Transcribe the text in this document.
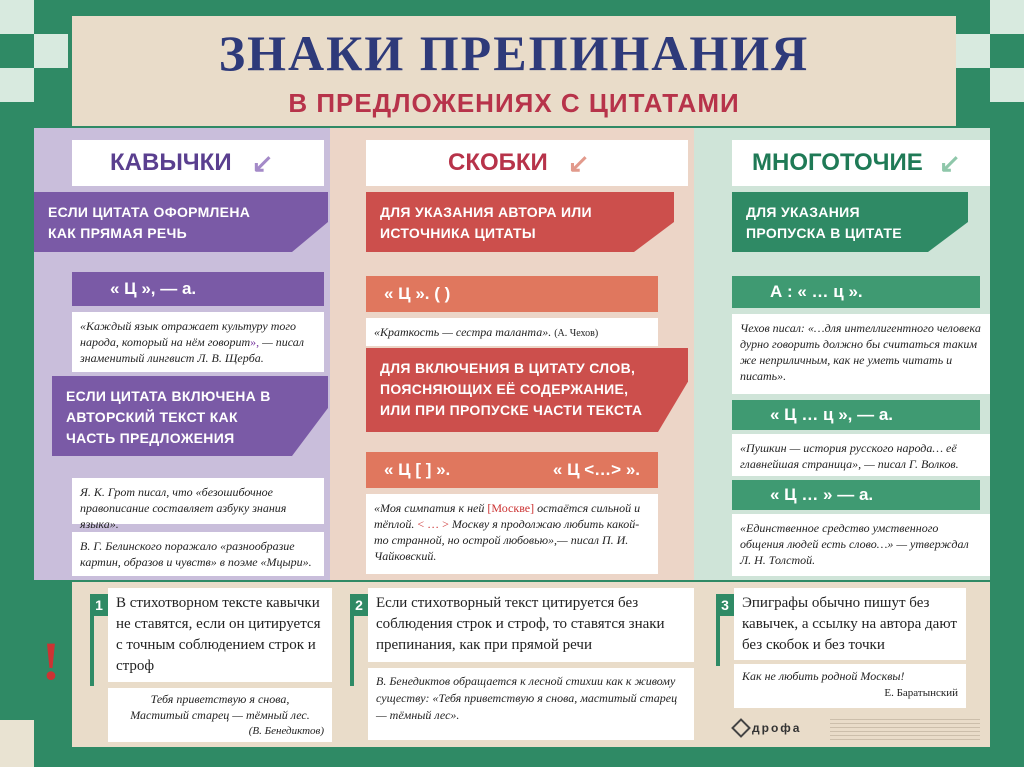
ЗНАКИ ПРЕПИНАНИЯ
В ПРЕДЛОЖЕНИЯХ С ЦИТАТАМИ
КАВЫЧКИ ↙
ЕСЛИ ЦИТАТА ОФОРМЛЕНА КАК ПРЯМАЯ РЕЧЬ
« Ц », — а.
«Каждый язык отражает культуру того народа, который на нём говорит», — писал знаменитый лингвист Л. В. Щерба.
ЕСЛИ ЦИТАТА ВКЛЮЧЕНА В АВТОРСКИЙ ТЕКСТ КАК ЧАСТЬ ПРЕДЛОЖЕНИЯ
Я. К. Грот писал, что «безошибочное правописание составляет азбуку знания языка».
В. Г. Белинского поражало «разнообразие картин, образов и чувств» в поэме «Мцыри».
СКОБКИ ↙
ДЛЯ УКАЗАНИЯ АВТОРА ИЛИ ИСТОЧНИКА ЦИТАТЫ
« Ц ». ( )
«Краткость — сестра таланта». (А. Чехов)
ДЛЯ ВКЛЮЧЕНИЯ В ЦИТАТУ СЛОВ, ПОЯСНЯЮЩИХ ЕЁ СОДЕРЖАНИЕ, ИЛИ ПРИ ПРОПУСКЕ ЧАСТИ ТЕКСТА
« Ц [ ] ».	« Ц <…> ».
«Моя симпатия к ней [Москве] остаётся сильной и тёплой. < … > Москву я продолжаю любить какой-то странной, но острой любовью»,— писал П. И. Чайковский.
МНОГОТОЧИЕ ↙
ДЛЯ УКАЗАНИЯ ПРОПУСКА В ЦИТАТЕ
А : « … ц ».
Чехов писал: «…для интеллигентного человека дурно говорить должно бы считаться таким же неприличным, как не уметь читать и писать».
« Ц … ц », — а.
«Пушкин — история русского народа… её главнейшая страница», — писал Г. Волков.
« Ц … » — а.
«Единственное средство умственного общения людей есть слово…» — утверждал Л. Н. Толстой.
!
1 В стихотворном тексте кавычки не ставятся, если он цитируется с точным соблюдением строк и строф
Тебя приветствую я снова,
Маститый старец — тёмный лес.
(В. Бенедиктов)
2 Если стихотворный текст цитируется без соблюдения строк и строф, то ставятся знаки препинания, как при прямой речи
В. Бенедиктов обращается к лесной стихии как к живому существу: «Тебя приветствую я снова, маститый старец — тёмный лес».
3 Эпиграфы обычно пишут без кавычек, а ссылку на автора дают без скобок и без точки
Как не любить родной Москвы!
Е. Баратынский
дрофа
